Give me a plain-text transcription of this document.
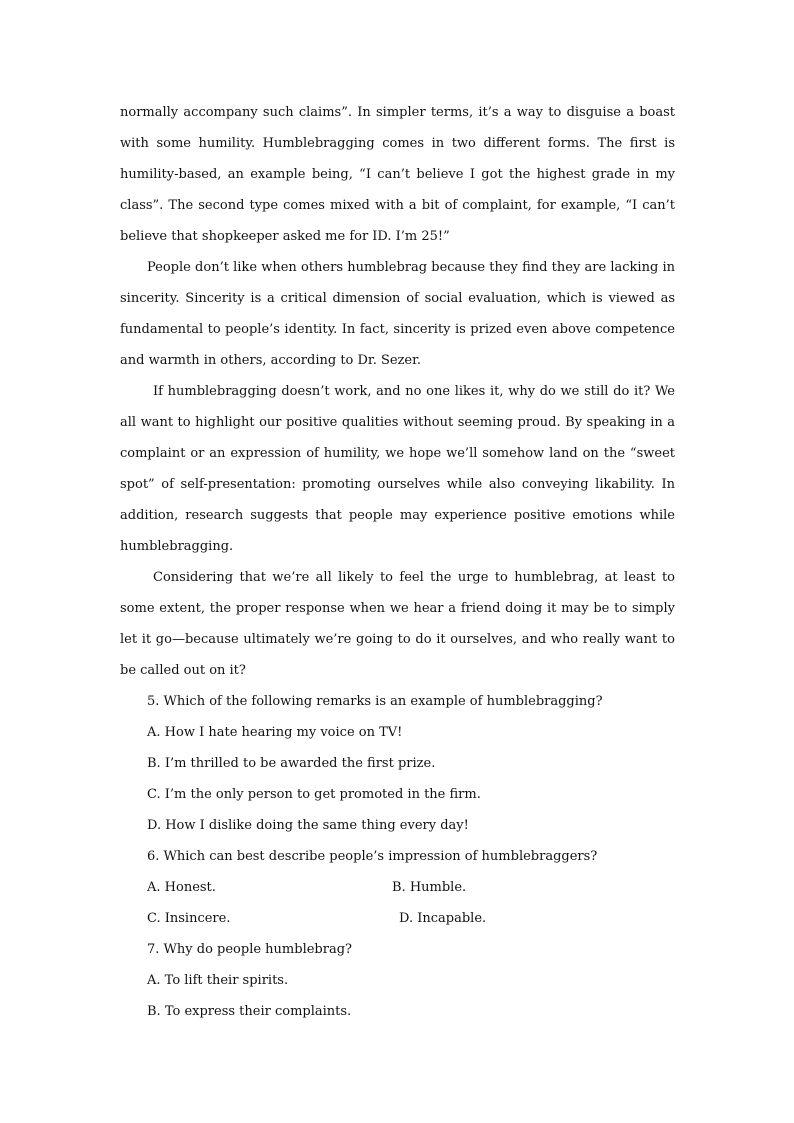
normally accompany such claims”. In simpler terms, it’s a way to disguise a boast with some humility. Humblebragging comes in two different forms. The first is humility-based, an example being, “I can’t believe I got the highest grade in my class”. The second type comes mixed with a bit of complaint, for example, “I can’t believe that shopkeeper asked me for ID. I’m 25!”

People don’t like when others humblebrag because they find they are lacking in sincerity. Sincerity is a critical dimension of social evaluation, which is viewed as fundamental to people’s identity. In fact, sincerity is prized even above competence and warmth in others, according to Dr. Sezer.

If humblebragging doesn’t work, and no one likes it, why do we still do it? We all want to highlight our positive qualities without seeming proud. By speaking in a complaint or an expression of humility, we hope we’ll somehow land on the “sweet spot” of self-presentation: promoting ourselves while also conveying likability. In addition, research suggests that people may experience positive emotions while humblebragging.

Considering that we’re all likely to feel the urge to humblebrag, at least to some extent, the proper response when we hear a friend doing it may be to simply let it go—because ultimately we’re going to do it ourselves, and who really want to be called out on it?

5. Which of the following remarks is an example of humblebragging?

A. How I hate hearing my voice on TV!

B. I’m thrilled to be awarded the first prize.

C. I’m the only person to get promoted in the firm.

D. How I dislike doing the same thing every day!

6. Which can best describe people’s impression of humblebraggers?

A. Honest.	B. Humble.
C. Insincere.	D. Incapable.

7. Why do people humblebrag?

A. To lift their spirits.

B. To express their complaints.
